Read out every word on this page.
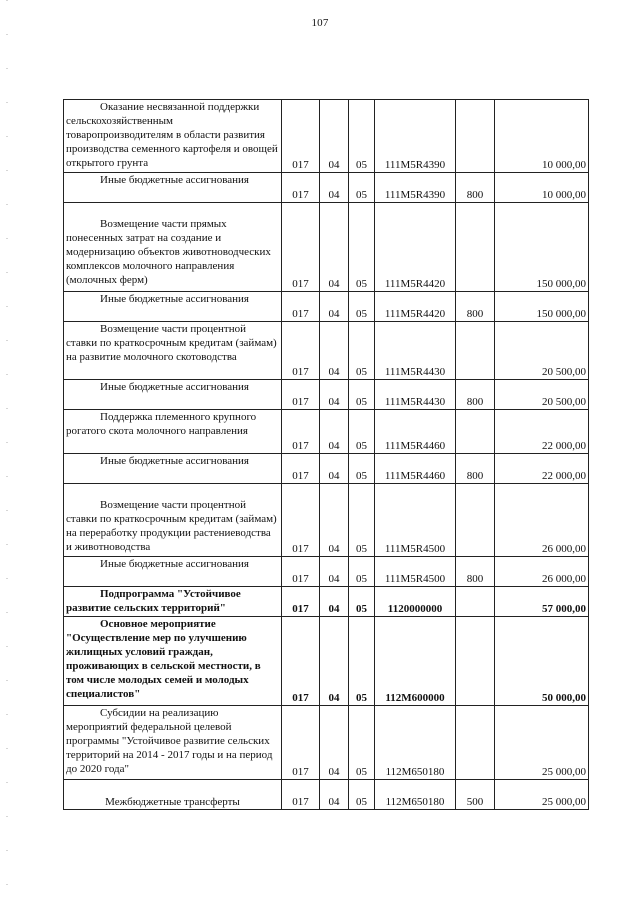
107
Оказание несвязанной поддержки сельскохозяйственным товаропроизводителям в области развития производства семенного картофеля и овощей открытого грунта	017	04	05	111M5R4390		10 000,00

Иные бюджетные ассигнования	017	04	05	111M5R4390	800	10 000,00

Возмещение части прямых понесенных затрат на создание и модернизацию объектов животноводческих комплексов молочного направления (молочных ферм)	017	04	05	111M5R4420		150 000,00

Иные бюджетные ассигнования	017	04	05	111M5R4420	800	150 000,00

Возмещение части процентной ставки по краткосрочным кредитам (займам) на развитие молочного скотоводства	017	04	05	111M5R4430		20 500,00

Иные бюджетные ассигнования	017	04	05	111M5R4430	800	20 500,00

Поддержка племенного крупного рогатого скота молочного направления	017	04	05	111M5R4460		22 000,00

Иные бюджетные ассигнования	017	04	05	111M5R4460	800	22 000,00

Возмещение части процентной ставки по краткосрочным кредитам (займам) на переработку продукции растениеводства и животноводства	017	04	05	111M5R4500		26 000,00

Иные бюджетные ассигнования	017	04	05	111M5R4500	800	26 000,00

Подпрограмма "Устойчивое развитие сельских территорий"	017	04	05	1120000000		57 000,00

Основное мероприятие "Осуществление мер по улучшению жилищных условий граждан, проживающих в сельской местности, в том числе молодых семей и молодых специалистов"	017	04	05	112M600000		50 000,00

Субсидии на реализацию мероприятий федеральной целевой программы "Устойчивое развитие сельских территорий на 2014 - 2017 годы и на период до 2020 года"	017	04	05	112M650180		25 000,00

Межбюджетные трансферты	017	04	05	112M650180	500	25 000,00
